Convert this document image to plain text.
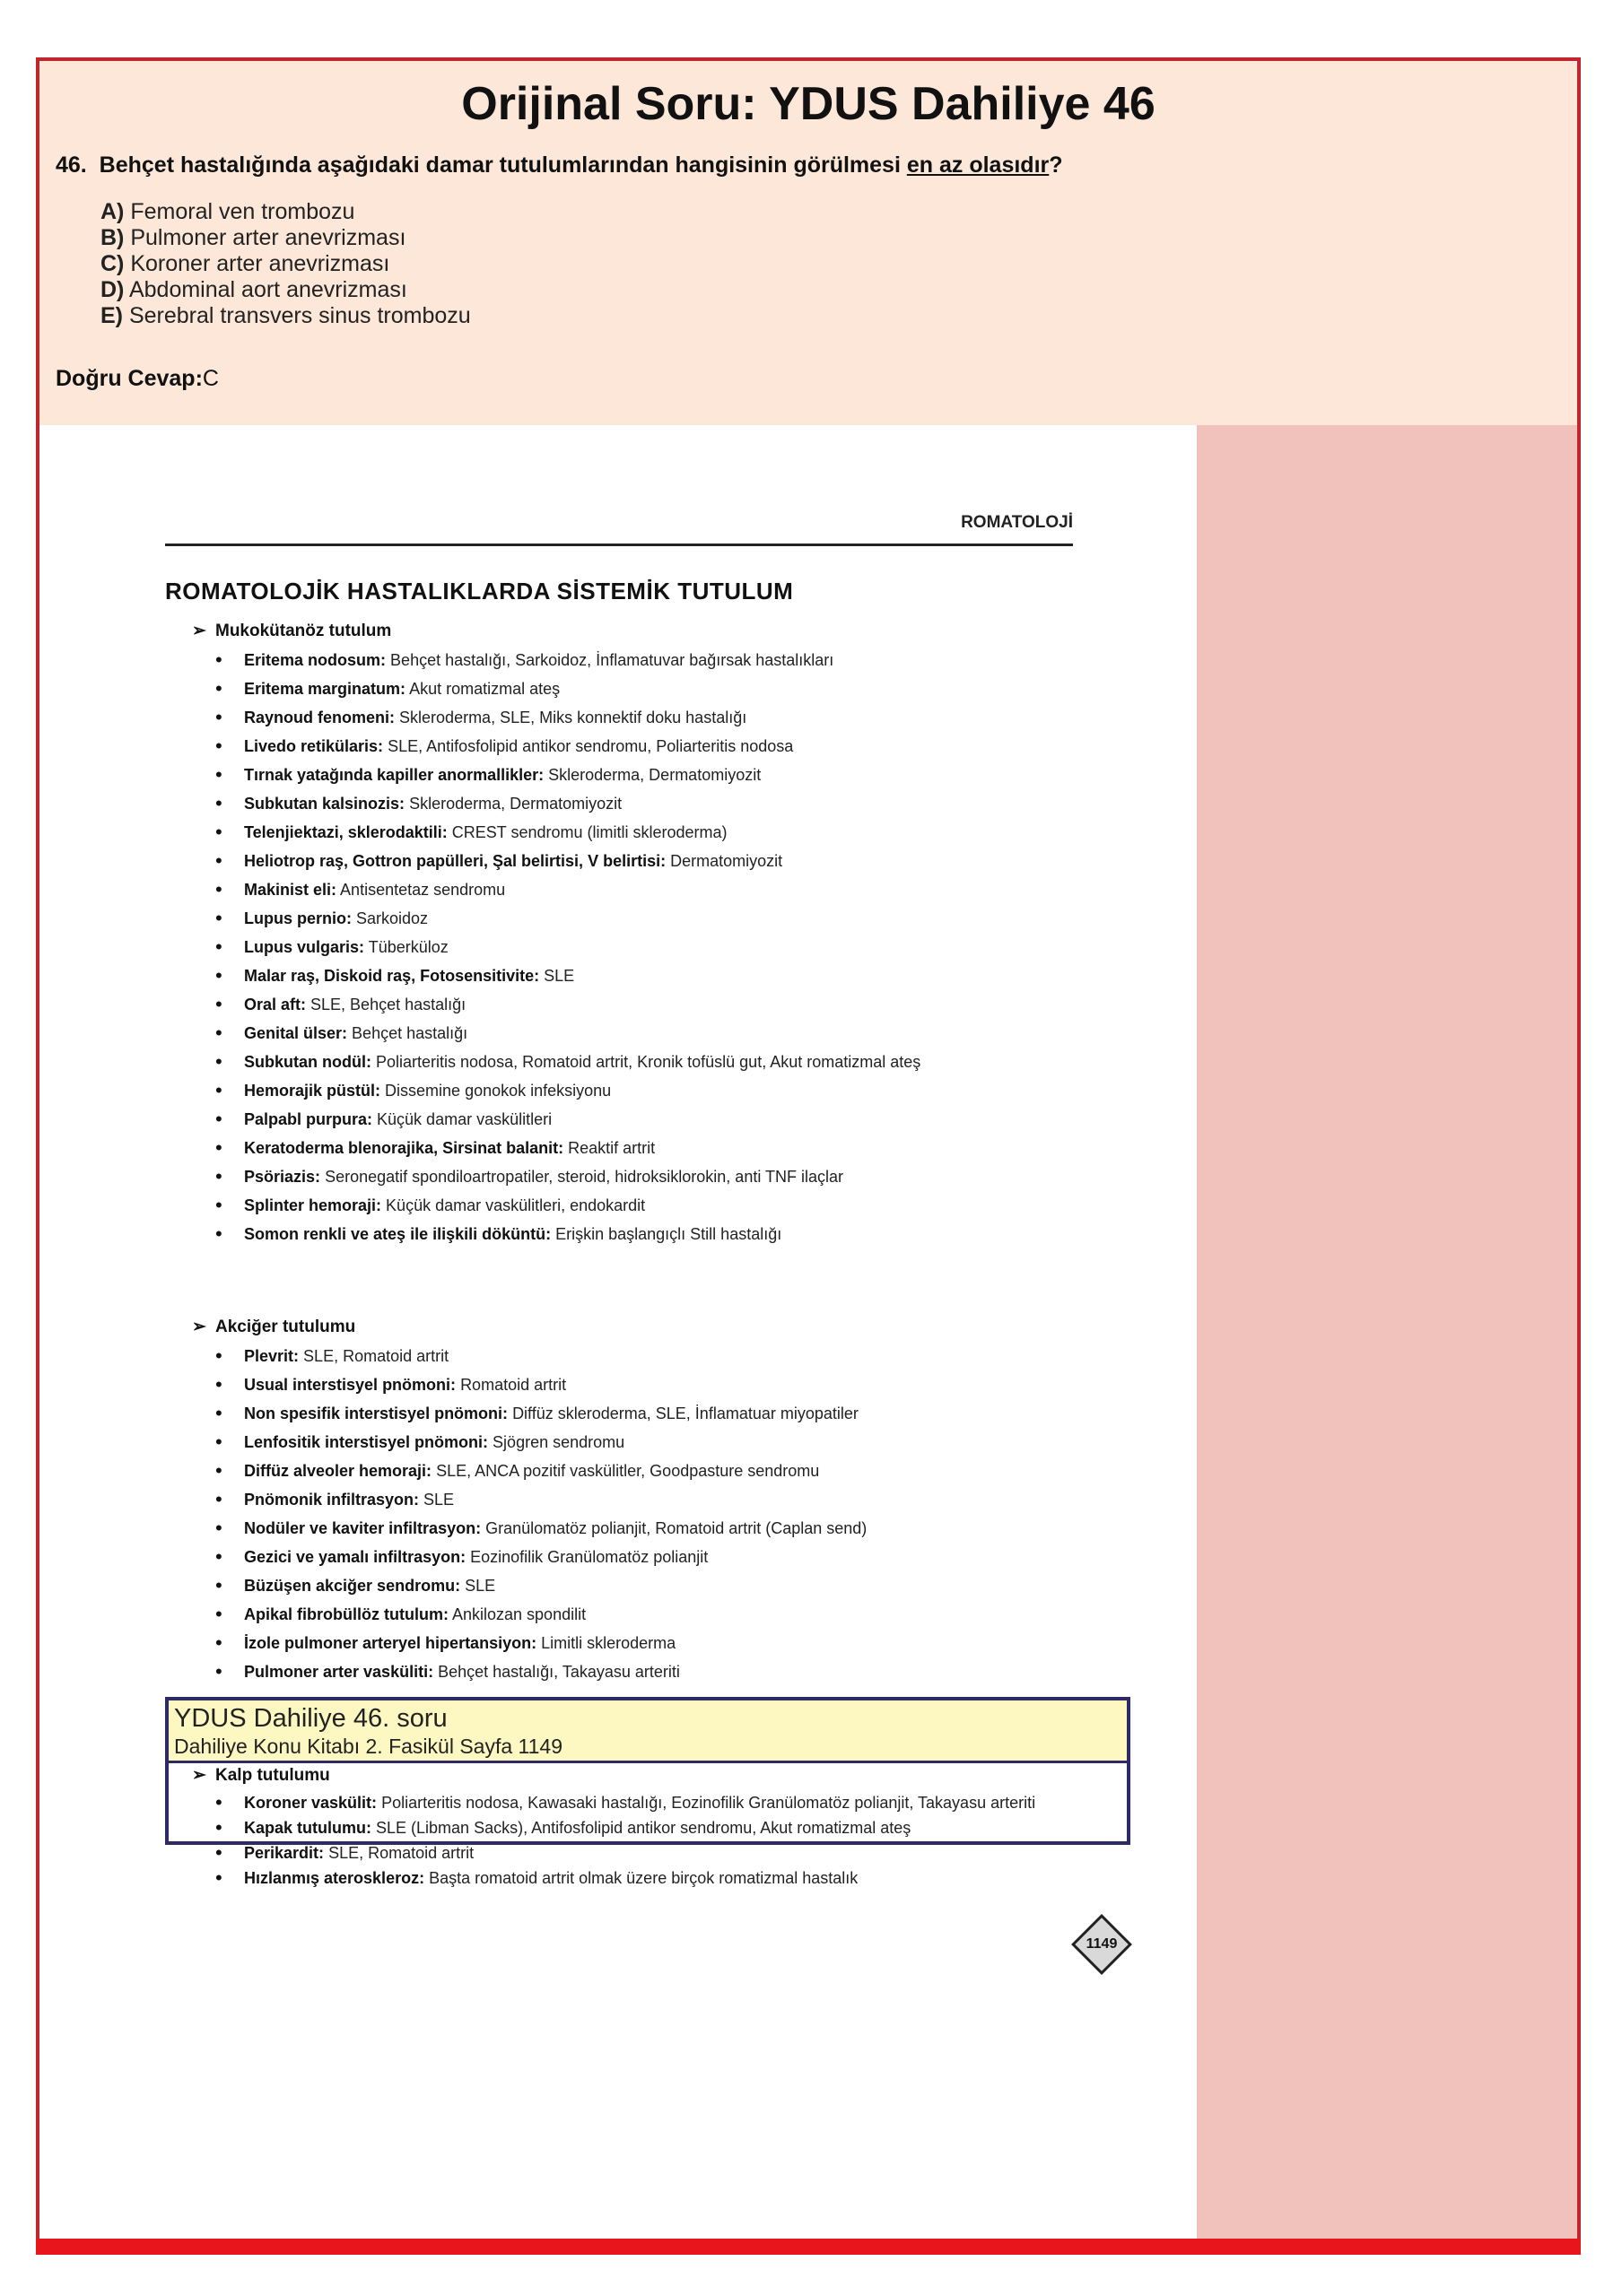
Orijinal Soru: YDUS Dahiliye 46
46. Behçet hastalığında aşağıdaki damar tutulumlarından hangisinin görülmesi en az olasıdır?
A) Femoral ven trombozu
B) Pulmoner arter anevrizması
C) Koroner arter anevrizması
D) Abdominal aort anevrizması
E) Serebral transvers sinus trombozu
Doğru Cevap:C
ROMATOLOJİ
ROMATOLOJİK HASTALIKLARDA SİSTEMİK TUTULUM
➢ Mukokütanöz tutulum
• Eritema nodosum: Behçet hastalığı, Sarkoidoz, İnflamatuvar bağırsak hastalıkları
• Eritema marginatum: Akut romatizmal ateş
• Raynoud fenomeni: Skleroderma, SLE, Miks konnektif doku hastalığı
• Livedo retikülaris: SLE, Antifosfolipid antikor sendromu, Poliarteritis nodosa
• Tırnak yatağında kapiller anormallikler: Skleroderma, Dermatomiyozit
• Subkutan kalsinozis: Skleroderma, Dermatomiyozit
• Telenjiektazi, sklerodaktili: CREST sendromu (limitli skleroderma)
• Heliotrop raş, Gottron papülleri, Şal belirtisi, V belirtisi: Dermatomiyozit
• Makinist eli: Antisentetaz sendromu
• Lupus pernio: Sarkoidoz
• Lupus vulgaris: Tüberküloz
• Malar raş, Diskoid raş, Fotosensitivite: SLE
• Oral aft: SLE, Behçet hastalığı
• Genital ülser: Behçet hastalığı
• Subkutan nodül: Poliarteritis nodosa, Romatoid artrit, Kronik tofüslü gut, Akut romatizmal ateş
• Hemorajik püstül: Dissemine gonokok infeksiyonu
• Palpabl purpura: Küçük damar vaskülitleri
• Keratoderma blenorajika, Sirsinat balanit: Reaktif artrit
• Psöriazis: Seronegatif spondiloartropatiler, steroid, hidroksiklorokin, anti TNF ilaçlar
• Splinter hemoraji: Küçük damar vaskülitleri, endokardit
• Somon renkli ve ateş ile ilişkili döküntü: Erişkin başlangıçlı Still hastalığı
➢ Akciğer tutulumu
• Plevrit: SLE, Romatoid artrit
• Usual interstisyel pnömoni: Romatoid artrit
• Non spesifik interstisyel pnömoni: Diffüz skleroderma, SLE, İnflamatuar miyopatiler
• Lenfositik interstisyel pnömoni: Sjögren sendromu
• Diffüz alveoler hemoraji: SLE, ANCA pozitif vaskülitler, Goodpasture sendromu
• Pnömonik infiltrasyon: SLE
• Nodüler ve kaviter infiltrasyon: Granülomatöz polianjit, Romatoid artrit (Caplan send)
• Gezici ve yamalı infiltrasyon: Eozinofilik Granülomatöz polianjit
• Büzüşen akciğer sendromu: SLE
• Apikal fibrobüllöz tutulum: Ankilozan spondilit
• İzole pulmoner arteryel hipertansiyon: Limitli skleroderma
• Pulmoner arter vasküliti: Behçet hastalığı, Takayasu arteriti
➢ Kalp tutulumu
• Koroner vaskülit: Poliarteritis nodosa, Kawasaki hastalığı, Eozinofilik Granülomatöz polianjit, Takayasu arteriti
• Kapak tutulumu: SLE (Libman Sacks), Antifosfolipid antikor sendromu, Akut romatizmal ateş
• Perikardit: SLE, Romatoid artrit
• Hızlanmış ateroskleroz: Başta romatoid artrit olmak üzere birçok romatizmal hastalık
1149
YDUS Dahiliye 46. soru
Dahiliye Konu Kitabı 2. Fasikül Sayfa 1149
